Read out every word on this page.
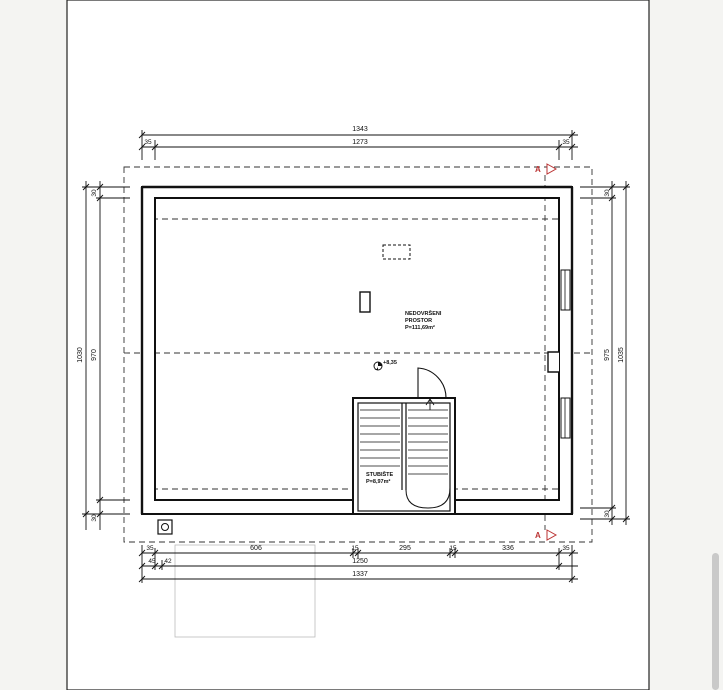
NEDOVRŠENI
PROSTOR
P=111,69m²
+8,35
STUBIŠTE
P=8,97m²
A
A
1343
1273
35	35
1030 970
30
30
975 1035
30
30
35	606	15	295	15	336	35
45 42	1250
1337
